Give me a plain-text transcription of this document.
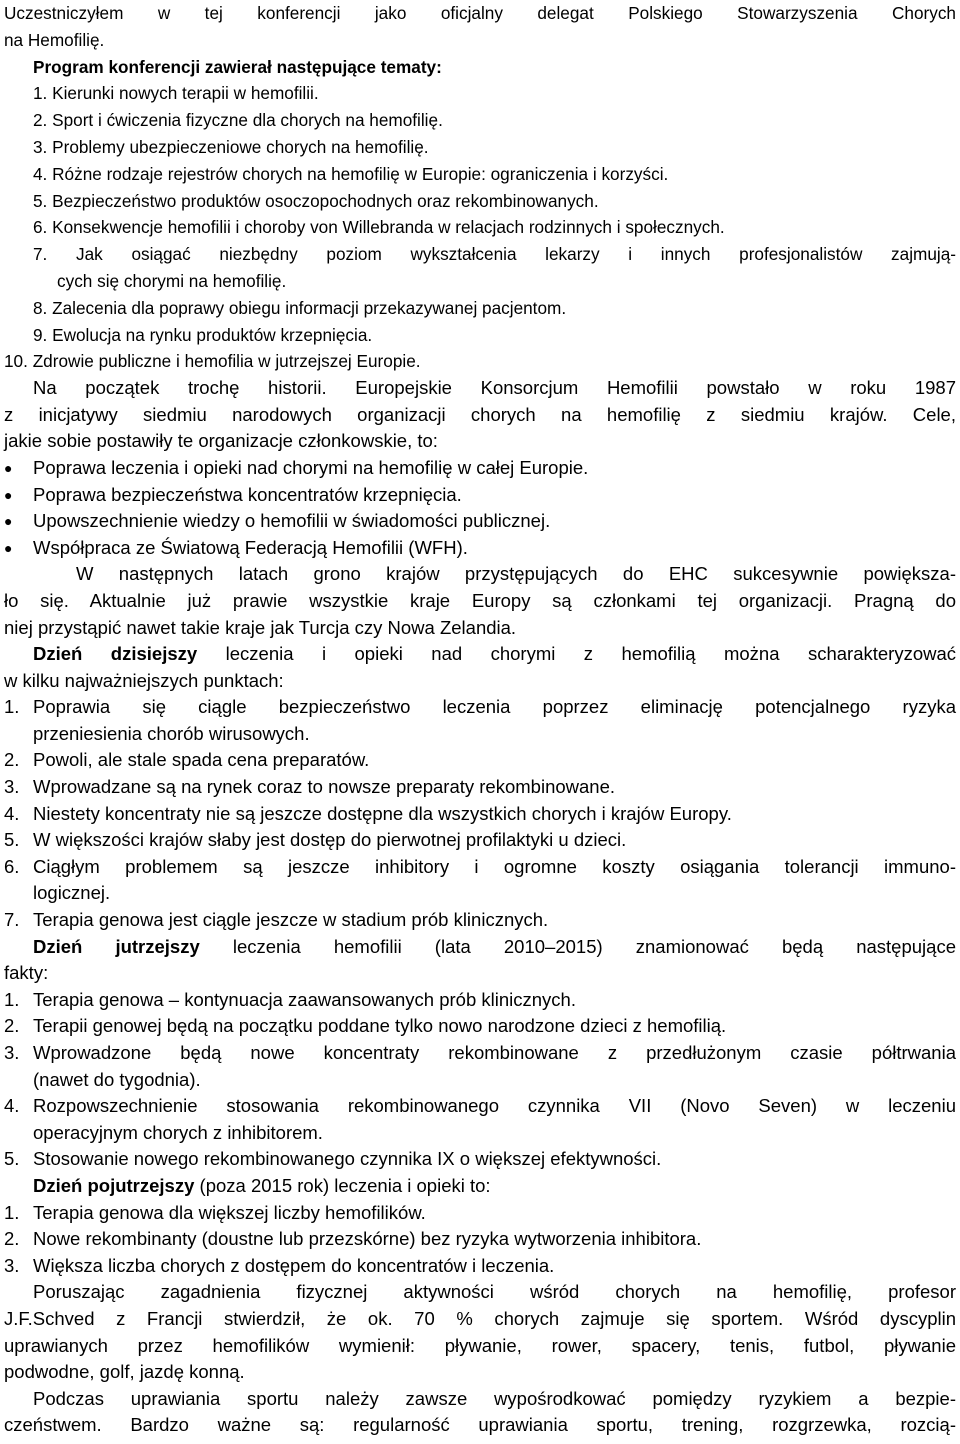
Uczestniczyłem w tej konferencji jako oficjalny delegat Polskiego Stowarzyszenia Chorych

na Hemofilię.

Program konferencji zawierał następujące tematy:

1. Kierunki nowych terapii w hemofilii.
2. Sport i ćwiczenia fizyczne dla chorych na hemofilię.
3. Problemy ubezpieczeniowe chorych na hemofilię.
4. Różne rodzaje rejestrów chorych na hemofilię w Europie: ograniczenia i korzyści.
5. Bezpieczeństwo produktów osoczopochodnych oraz rekombinowanych.
6. Konsekwencje hemofilii i choroby von Willebranda w relacjach rodzinnych i społecznych.
7. Jak osiągać niezbędny poziom wykształcenia lekarzy i innych profesjonalistów zajmują-
cych się chorymi na hemofilię.
8. Zalecenia dla poprawy obiegu informacji przekazywanej pacjentom.
9. Ewolucja na rynku produktów krzepnięcia.
10. Zdrowie publiczne i hemofilia w jutrzejszej Europie.

Na początek trochę historii. Europejskie Konsorcjum Hemofilii powstało w roku 1987

z inicjatywy siedmiu narodowych organizacji chorych na hemofilię z siedmiu krajów. Cele,

jakie sobie postawiły te organizacje członkowskie, to:

●	Poprawa leczenia i opieki nad chorymi na hemofilię w całej Europie.
●	Poprawa bezpieczeństwa koncentratów krzepnięcia.
●	Upowszechnienie wiedzy o hemofilii w świadomości publicznej.
●	Współpraca ze Światową Federacją Hemofilii (WFH).

W następnych latach grono krajów przystępujących do EHC sukcesywnie powiększa-

ło się. Aktualnie już prawie wszystkie kraje Europy są członkami tej organizacji. Pragną do

niej przystąpić nawet takie kraje jak Turcja czy Nowa Zelandia.

Dzień dzisiejszy leczenia i opieki nad chorymi z hemofilią można scharakteryzować

w kilku najważniejszych punktach:

1. Poprawia się ciągle bezpieczeństwo leczenia poprzez eliminację potencjalnego ryzyka
przeniesienia chorób wirusowych.
2. Powoli, ale stale spada cena preparatów.
3. Wprowadzane są na rynek coraz to nowsze preparaty rekombinowane.
4. Niestety koncentraty nie są jeszcze dostępne dla wszystkich chorych i krajów Europy.
5. W większości krajów słaby jest dostęp do pierwotnej profilaktyki u dzieci.
6. Ciągłym problemem są jeszcze inhibitory i ogromne koszty osiągania tolerancji immuno-
logicznej.
7. Terapia genowa jest ciągle jeszcze w stadium prób klinicznych.

Dzień jutrzejszy leczenia hemofilii (lata 2010–2015) znamionować będą następujące

fakty:

1. Terapia genowa – kontynuacja zaawansowanych prób klinicznych.
2. Terapii genowej będą na początku poddane tylko nowo narodzone dzieci z hemofilią.
3. Wprowadzone będą nowe koncentraty rekombinowane z przedłużonym czasie półtrwania
(nawet do tygodnia).
4. Rozpowszechnienie stosowania rekombinowanego czynnika VII (Novo Seven) w leczeniu
operacyjnym chorych z inhibitorem.
5. Stosowanie nowego rekombinowanego czynnika IX o większej efektywności.

Dzień pojutrzejszy (poza 2015 rok) leczenia i opieki to:

1. Terapia genowa dla większej liczby hemofilików.
2. Nowe rekombinanty (doustne lub przezskórne) bez ryzyka wytworzenia inhibitora.
3. Większa liczba chorych z dostępem do koncentratów i leczenia.

Poruszając zagadnienia fizycznej aktywności wśród chorych na hemofilię, profesor

J.F.Schved z Francji stwierdził, że ok. 70 % chorych zajmuje się sportem. Wśród dyscyplin

uprawianych przez hemofilików wymienił: pływanie, rower, spacery, tenis, futbol, pływanie

podwodne, golf, jazdę konną.

Podczas uprawiania sportu należy zawsze wypośrodkować pomiędzy ryzykiem a bezpie-

czeństwem. Bardzo ważne są: regularność uprawiania sportu, trening, rozgrzewka, rozcią-
